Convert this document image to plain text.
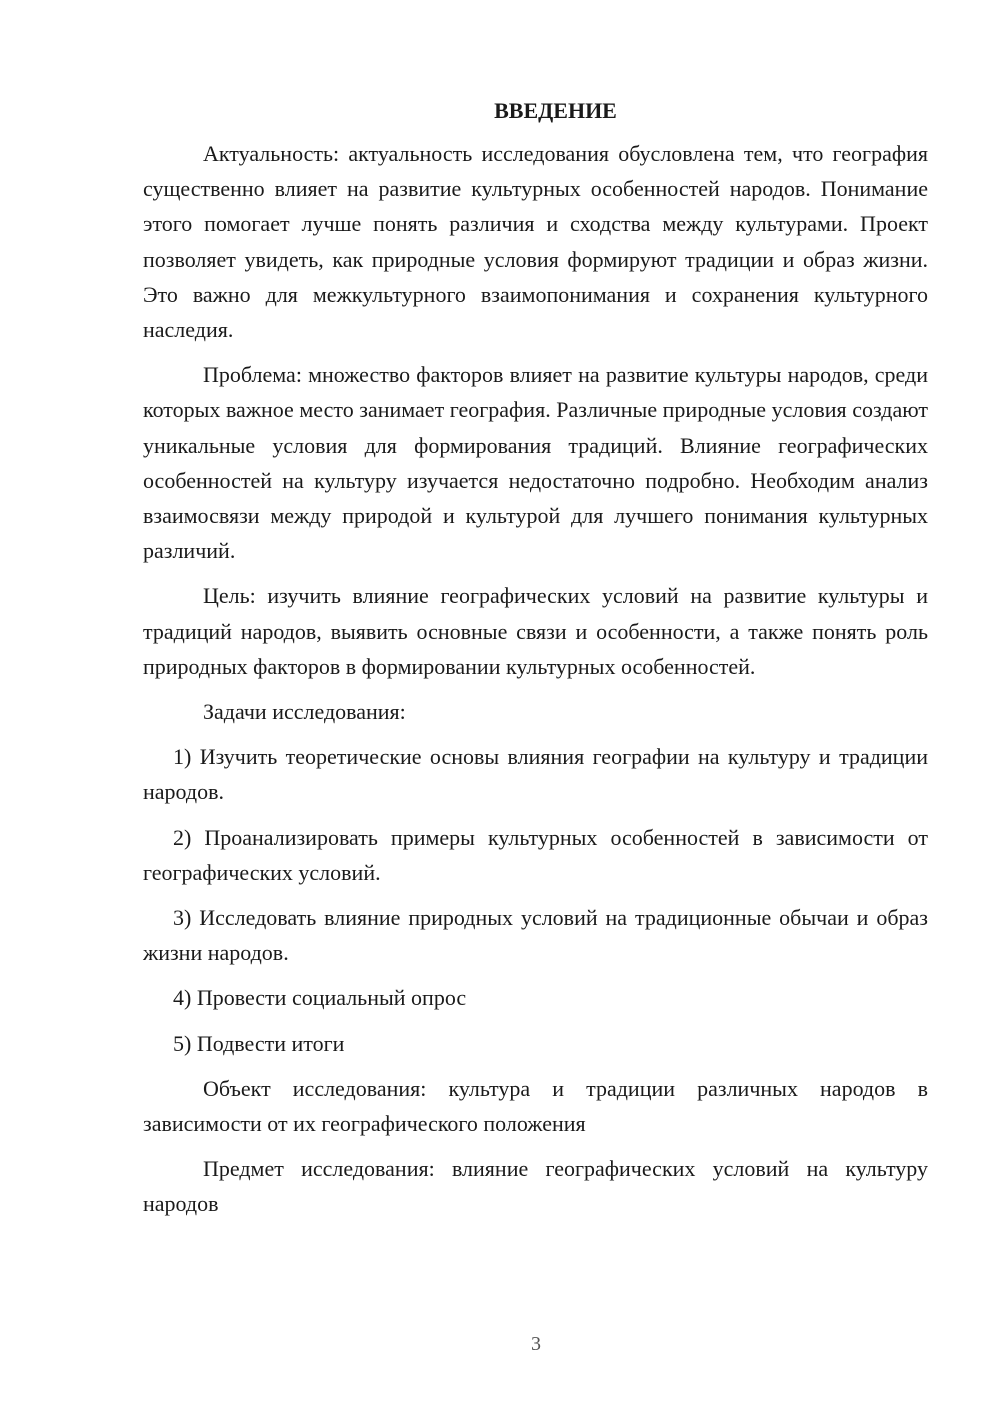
ВВЕДЕНИЕ

Актуальность: актуальность исследования обусловлена тем, что география существенно влияет на развитие культурных особенностей народов. Понимание этого помогает лучше понять различия и сходства между культурами. Проект позволяет увидеть, как природные условия формируют традиции и образ жизни. Это важно для межкультурного взаимопонимания и сохранения культурного наследия.

Проблема: множество факторов влияет на развитие культуры народов, среди которых важное место занимает география. Различные природные условия создают уникальные условия для формирования традиций. Влияние географических особенностей на культуру изучается недостаточно подробно. Необходим анализ взаимосвязи между природой и культурой для лучшего понимания культурных различий.

Цель: изучить влияние географических условий на развитие культуры и традиций народов, выявить основные связи и особенности, а также понять роль природных факторов в формировании культурных особенностей.

Задачи исследования:

1) Изучить теоретические основы влияния географии на культуру и традиции народов.

2) Проанализировать примеры культурных особенностей в зависимости от географических условий.

3) Исследовать влияние природных условий на традиционные обычаи и образ жизни народов.

4) Провести социальный опрос

5) Подвести итоги

Объект исследования: культура и традиции различных народов в зависимости от их географического положения

Предмет исследования: влияние географических условий на культуру народов

3
